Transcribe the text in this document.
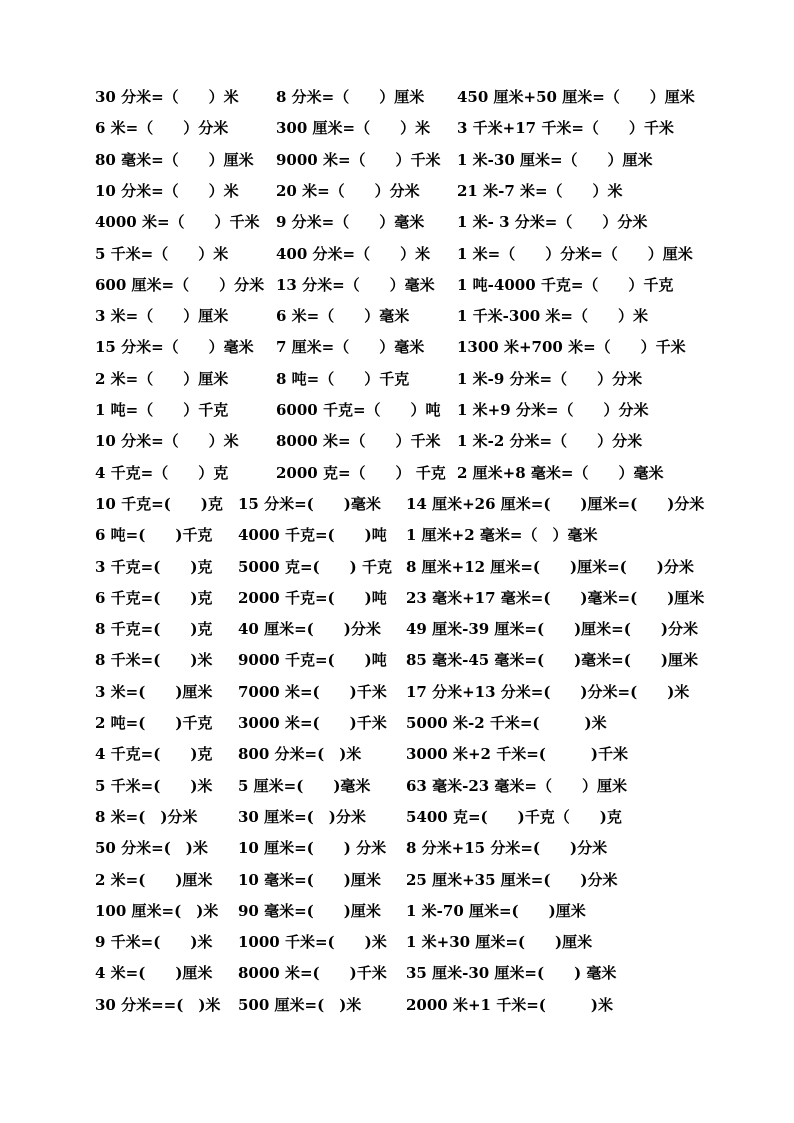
30 分米=（　　）米 8 分米=（　　）厘米 450 厘米+50 厘米=（　　）厘米
6 米=（　　）分米	300 厘米=（　　）米 3 千米+17 千米=（　　）千米
80 毫米=（　　）厘米 9000 米=（　　）千米 1 米-30 厘米=（　　）厘米
10 分米=（　　）米 20 米=（　　）分米 21 米-7 米=（　　）米
4000 米=（　　）千米 9 分米=（　　）毫米 1 米- 3 分米=（　　）分米
5 千米=（　　）米	400 分米=（　　）米 1 米=（　　）分米=（　　）厘米
600 厘米=（　　）分米 13 分米=（　　）毫米 1 吨-4000 千克=（　　）千克
3 米=（　　）厘米	6 米=（　　）毫米	1 千米-300 米=（　　）米
15 分米=（　　）毫米 7 厘米=（　　）毫米 1300 米+700 米=（　　）千米
2 米=（　　）厘米	8 吨=（　　）千克	1 米-9 分米=（　　）分米
1 吨=（　　）千克	6000 千克=（　　）吨 1 米+9 分米=（　　）分米
10 分米=（　　）米 8000 米=（　　）千米 1 米-2 分米=（　　）分米
4 千克=（　　）克	2000 克=（　　） 千克 2 厘米+8 毫米=（　　）毫米
10 千克=(　　)克 15 分米=(　　)毫米 14 厘米+26 厘米=(　　)厘米=(　　)分米
6 吨=(　　)千克 4000 千克=(　　)吨 1 厘米+2 毫米=（　）毫米
3 千克=(　　)克 5000 克=(　　) 千克 8 厘米+12 厘米=(　　)厘米=(　　)分米
6 千克=(　　)克 2000 千克=(　　)吨 23 毫米+17 毫米=(　　)毫米=(　　)厘米
8 千克=(　　)克 40 厘米=(　　)分米 49 厘米-39 厘米=(　　)厘米=(　　)分米
8 千米=(　　)米 9000 千克=(　　)吨 85 毫米-45 毫米=(　　)毫米=(　　)厘米
3 米=(　　)厘米 7000 米=(　　)千米 17 分米+13 分米=(　　)分米=(　　)米
2 吨=(　　)千克 3000 米=(　　)千米 5000 米-2 千米=(　　　)米
4 千克=(　　)克 800 分米=(　)米	3000 米+2 千米=(　　　)千米
5 千米=(　　)米 5 厘米=(　　)毫米 63 毫米-23 毫米=（　　）厘米
8 米=(　)分米	30 厘米=(　)分米	5400 克=(　　)千克（　　)克
50 分米=(　)米 10 厘米=(　　) 分米 8 分米+15 分米=(　　)分米
2 米=(　　)厘米 10 毫米=(　　)厘米 25 厘米+35 厘米=(　　)分米
100 厘米=(　)米 90 毫米=(　　)厘米 1 米-70 厘米=(　　)厘米
9 千米=(　　)米 1000 千米=(　　)米 1 米+30 厘米=(　　)厘米
4 米=(　　)厘米 8000 米=(　　)千米 35 厘米-30 厘米=(　　) 毫米
30 分米==(　)米 500 厘米=(　)米	2000 米+1 千米=(　　　)米
